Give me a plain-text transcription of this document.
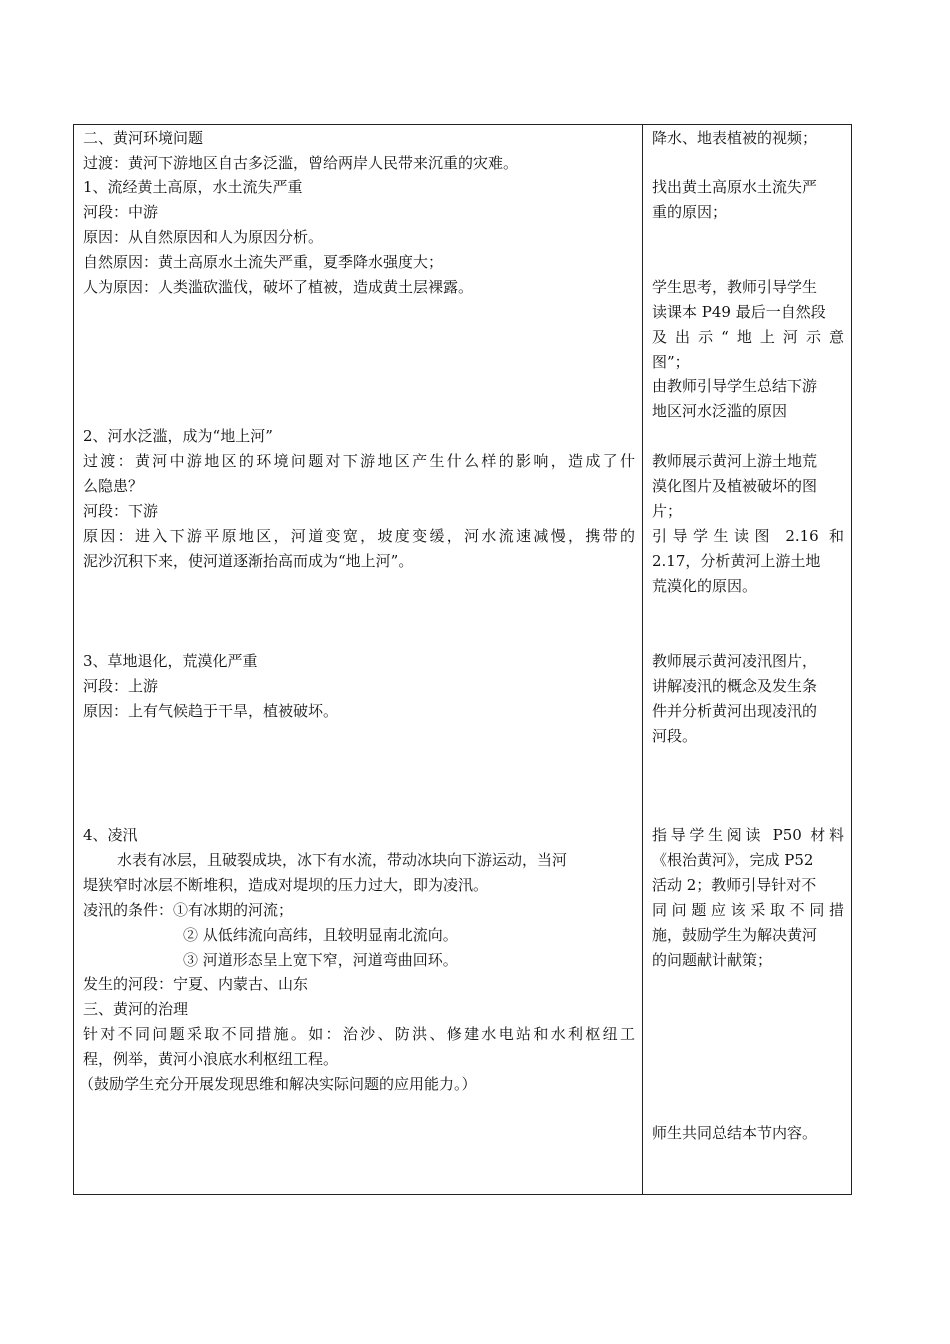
二、黄河环境问题
过渡：黄河下游地区自古多泛滥，曾给两岸人民带来沉重的灾难。
1、流经黄土高原，水土流失严重
河段：中游
原因：从自然原因和人为原因分析。
自然原因：黄土高原水土流失严重，夏季降水强度大；
人为原因：人类滥砍滥伐，破坏了植被，造成黄土层裸露。
2、河水泛滥，成为“地上河”
过渡：黄河中游地区的环境问题对下游地区产生什么样的影响，造成了什
么隐患？
河段：下游
原因：进入下游平原地区，河道变宽，坡度变缓，河水流速减慢，携带的
泥沙沉积下来，使河道逐渐抬高而成为“地上河”。
3、草地退化，荒漠化严重
河段：上游
原因：上有气候趋于干旱，植被破坏。
4、凌汛
水表有冰层，且破裂成块，冰下有水流，带动冰块向下游运动，当河
堤狭窄时冰层不断堆积，造成对堤坝的压力过大，即为凌汛。
凌汛的条件：①有冰期的河流；
② 从低纬流向高纬，且较明显南北流向。
③ 河道形态呈上宽下窄，河道弯曲回环。
发生的河段：宁夏、内蒙古、山东
三、黄河的治理
针对不同问题采取不同措施。如：治沙、防洪、修建水电站和水利枢纽工
程，例举，黄河小浪底水利枢纽工程。
（鼓励学生充分开展发现思维和解决实际问题的应用能力。）
降水、地表植被的视频；
找出黄土高原水土流失严
重的原因；
学生思考，教师引导学生
读课本 P49 最后一自然段
及出示“地上河示意
图”；
由教师引导学生总结下游
地区河水泛滥的原因
教师展示黄河上游土地荒
漠化图片及植被破坏的图
片；
引导学生读图 2.16 和
2.17，分析黄河上游土地
荒漠化的原因。
教师展示黄河凌汛图片，
讲解凌汛的概念及发生条
件并分析黄河出现凌汛的
河段。
指导学生阅读 P50 材料
《根治黄河》，完成 P52
活动 2；教师引导针对不
同问题应该采取不同措
施，鼓励学生为解决黄河
的问题献计献策；
师生共同总结本节内容。
